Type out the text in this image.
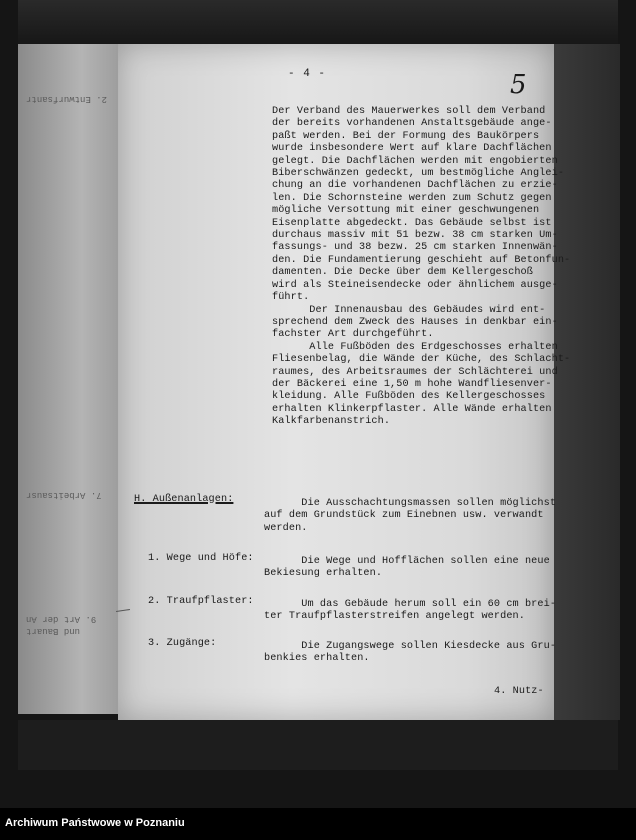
2. Entwurfsantr
7. Arbeitsausr
9. Art der An
und Bauart
- 4 -	5
Der Verband des Mauerwerkes soll dem Verband
der bereits vorhandenen Anstaltsgebäude ange-
paßt werden. Bei der Formung des Baukörpers
wurde insbesondere Wert auf klare Dachflächen
gelegt. Die Dachflächen werden mit engobierten
Biberschwänzen gedeckt, um bestmögliche Anglei-
chung an die vorhandenen Dachflächen zu erzie-
len. Die Schornsteine werden zum Schutz gegen
mögliche Versottung mit einer geschwungenen
Eisenplatte abgedeckt. Das Gebäude selbst ist
durchaus massiv mit 51 bezw. 38 cm starken Um-
fassungs- und 38 bezw. 25 cm starken Innenwän-
den. Die Fundamentierung geschieht auf Betonfun-
damenten. Die Decke über dem Kellergeschoß
wird als Steineisendecke oder ähnlichem ausge-
führt.
Der Innenausbau des Gebäudes wird ent-
sprechend dem Zweck des Hauses in denkbar ein-
fachster Art durchgeführt.
Alle Fußböden des Erdgeschosses erhalten
Fliesenbelag, die Wände der Küche, des Schlacht-
raumes, des Arbeitsraumes der Schlächterei und
der Bäckerei eine 1,50 m hohe Wandfliesenver-
kleidung. Alle Fußböden des Kellergeschosses
erhalten Klinkerpflaster. Alle Wände erhalten
Kalkfarbenanstrich.
H. Außenanlagen:	Die Ausschachtungsmassen sollen möglichst
auf dem Grundstück zum Einebnen usw. verwandt
werden.
1. Wege und Höfe: Die Wege und Hofflächen sollen eine neue
Bekiesung erhalten.
2. Traufpflaster: Um das Gebäude herum soll ein 60 cm brei-
ter Traufpflasterstreifen angelegt werden.
3. Zugänge:	Die Zugangswege sollen Kiesdecke aus Gru-
benkies erhalten.
4. Nutz-
Archiwum Państwowe w Poznaniu
